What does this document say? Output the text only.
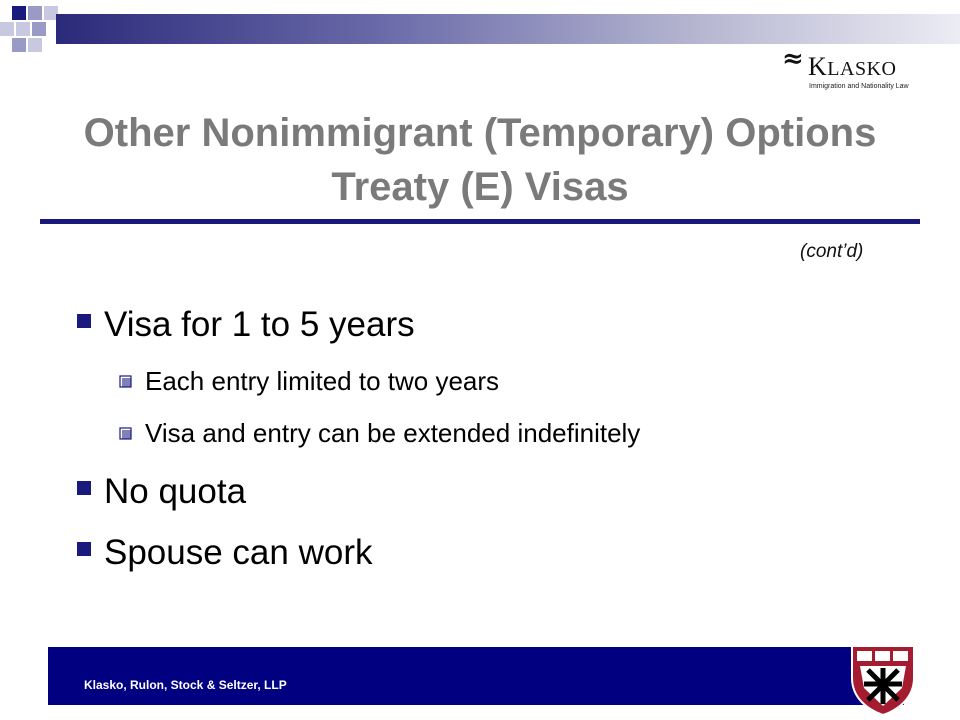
≈ KLASKO
Immigration and Nationality Law
Other Nonimmigrant (Temporary) Options
Treaty (E) Visas
(cont’d)
Visa for 1 to 5 years
Each entry limited to two years
Visa and entry can be extended indefinitely
No quota
Spouse can work
Klasko, Rulon, Stock & Seltzer, LLP
